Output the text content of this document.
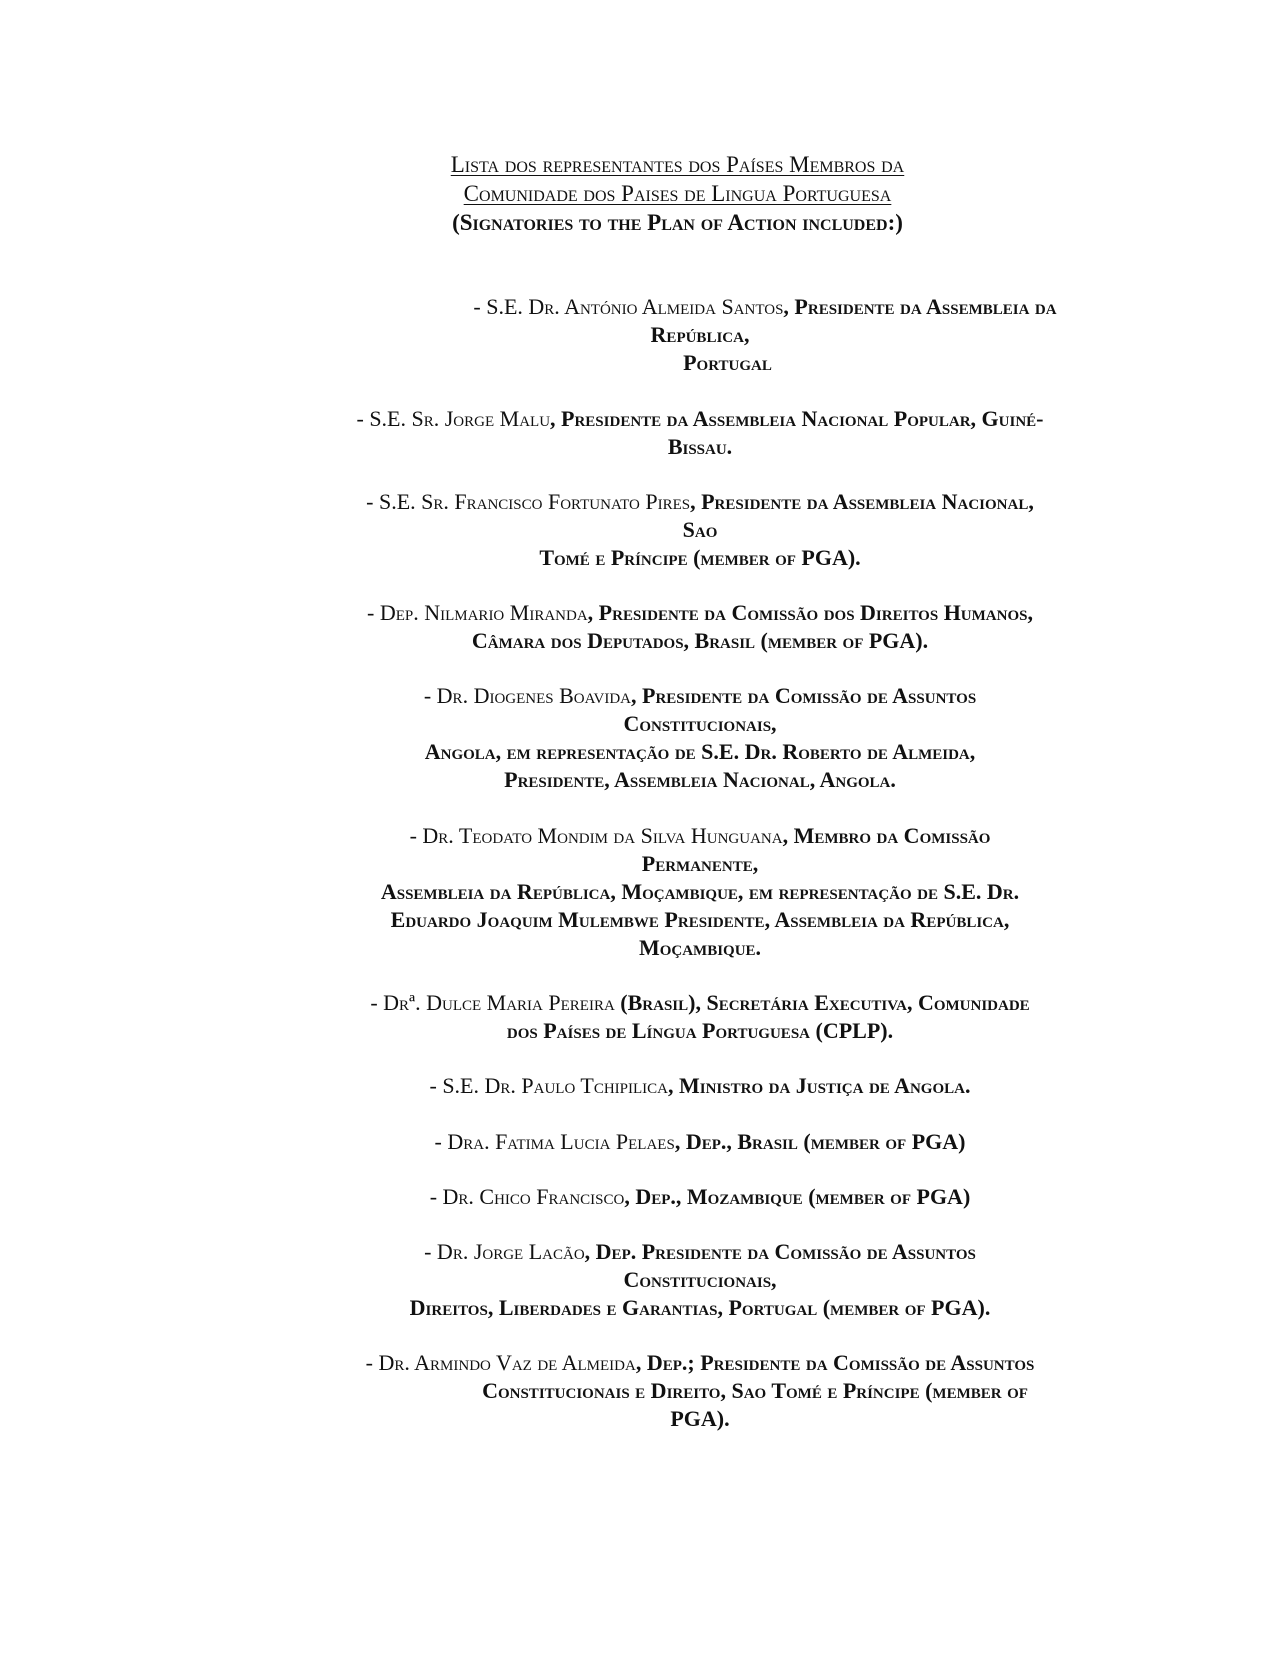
Lista dos representantes dos Países Membros da
Comunidade dos Paises de Lingua Portuguesa
(Signatories to the Plan of Action included:)
- S.E. Dr. António Almeida Santos, Presidente da Assembleia da
República,
Portugal
- S.E. Sr. Jorge Malu, Presidente da Assembleia Nacional Popular, Guiné-
Bissau.
- S.E. Sr. Francisco Fortunato Pires, Presidente da Assembleia Nacional,
Sao
Tomé e Príncipe (member of PGA).
- Dep. Nilmario Miranda, Presidente da Comissão dos Direitos Humanos,
Câmara dos Deputados, Brasil (member of PGA).
- Dr. Diogenes Boavida, Presidente da Comissão de Assuntos
Constitucionais,
Angola, em representação de S.E. Dr. Roberto de Almeida,
Presidente, Assembleia Nacional, Angola.
- Dr. Teodato Mondim da Silva Hunguana, Membro da Comissão
Permanente,
Assembleia da República, Moçambique, em representação de S.E. Dr.
Eduardo Joaquim Mulembwe Presidente, Assembleia da República,
Moçambique.
- Drª. Dulce Maria Pereira (Brasil), Secretária Executiva, Comunidade
dos Países de Língua Portuguesa (CPLP).
- S.E. Dr. Paulo Tchipilica, Ministro da Justiça de Angola.
- Dra. Fatima Lucia Pelaes, Dep., Brasil (member of PGA)
- Dr. Chico Francisco, Dep., Mozambique (member of PGA)
- Dr. Jorge Lacão, Dep. Presidente da Comissão de Assuntos
Constitucionais,
Direitos, Liberdades e Garantias, Portugal (member of PGA).
- Dr. Armindo Vaz de Almeida, Dep.; Presidente da Comissão de Assuntos
Constitucionais e Direito, Sao Tomé e Príncipe (member of
PGA).
